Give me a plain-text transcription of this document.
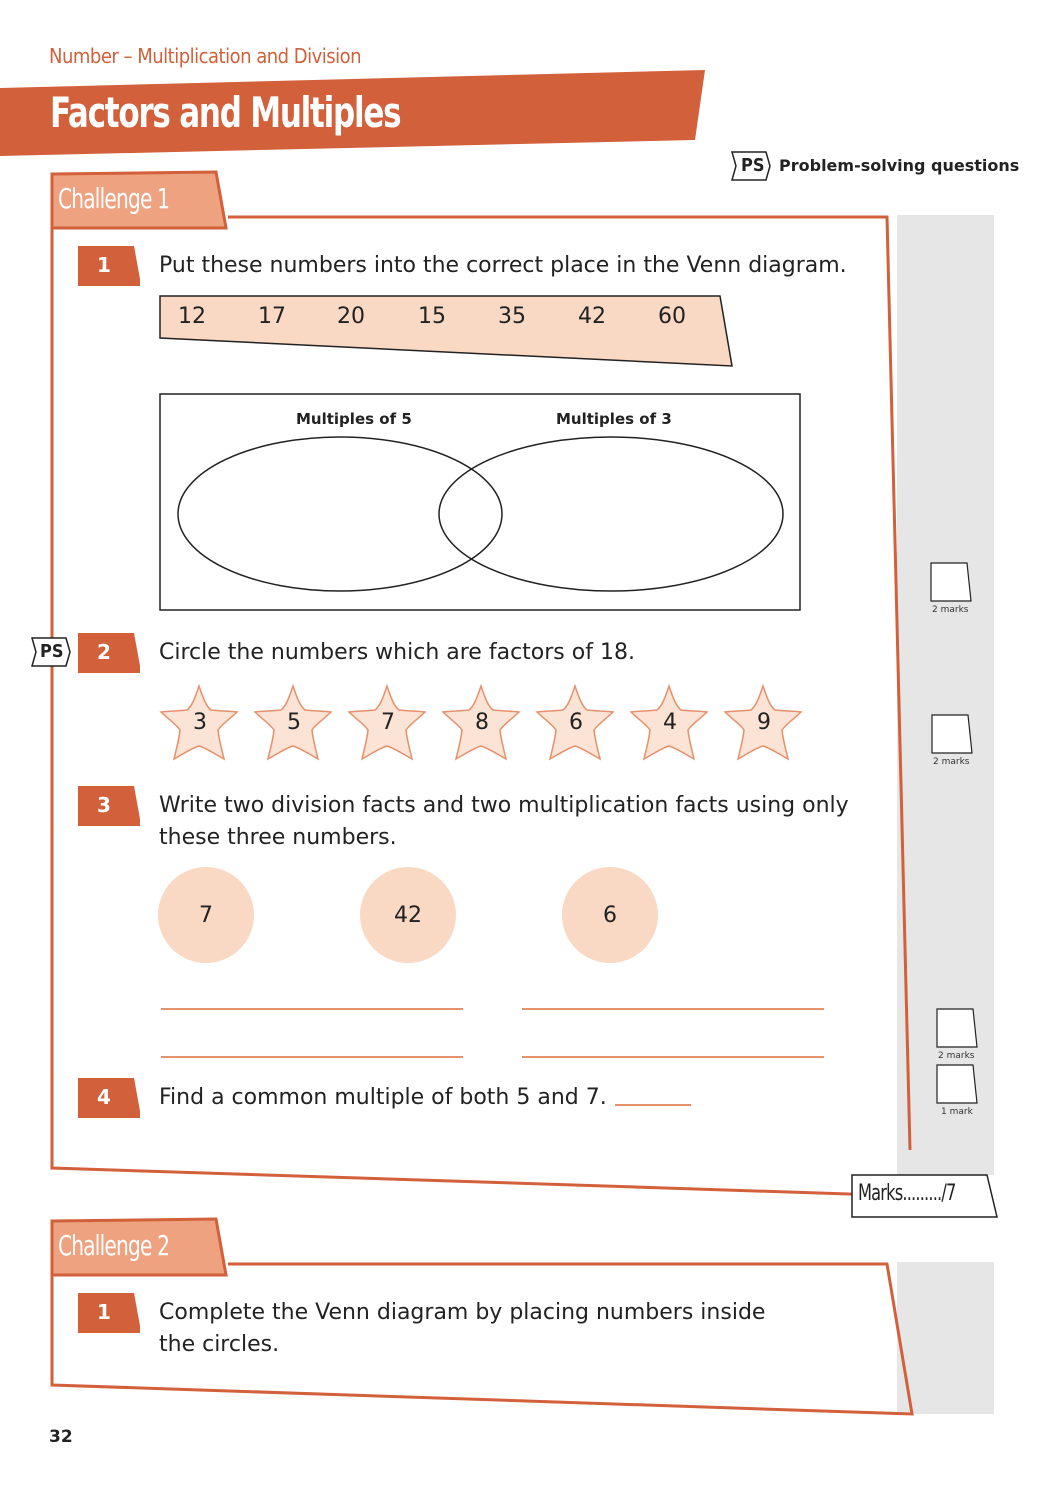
Number – Multiplication and Division
Factors and Multiples
PS Problem-solving questions
Challenge 1
1 Put these numbers into the correct place in the Venn diagram.
12 17 20 15 35 42 60
Multiples of 5	Multiples of 3
2 marks
PS 2 Circle the numbers which are factors of 18.
3	5	7	8	6	4	9
2 marks
3 Write two division facts and two multiplication facts using only
these three numbers.
7	42	6
2 marks
4 Find a common multiple of both 5 and 7.
1 mark
Marks........./7
Challenge 2
1 Complete the Venn diagram by placing numbers inside
the circles.
32
